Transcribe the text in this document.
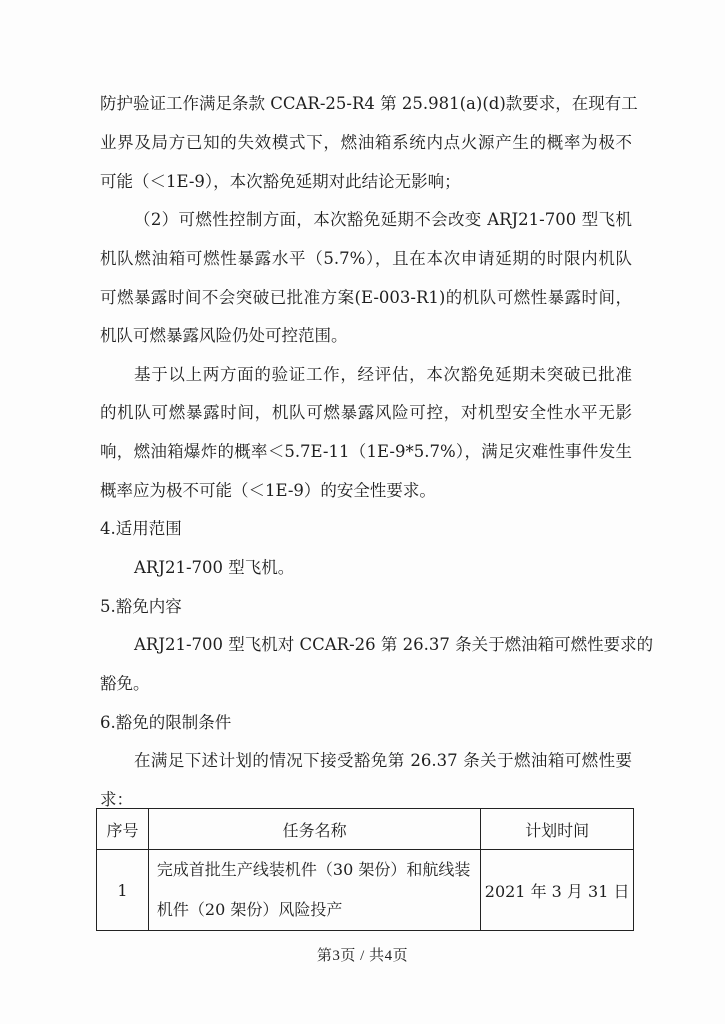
防护验证工作满足条款 CCAR-25-R4 第 25.981(a)(d)款要求，在现有工
业界及局方已知的失效模式下，燃油箱系统内点火源产生的概率为极不
可能（＜1E-9），本次豁免延期对此结论无影响；
（2）可燃性控制方面，本次豁免延期不会改变 ARJ21-700 型飞机
机队燃油箱可燃性暴露水平（5.7%），且在本次申请延期的时限内机队
可燃暴露时间不会突破已批准方案(E-003-R1)的机队可燃性暴露时间，
机队可燃暴露风险仍处可控范围。
基于以上两方面的验证工作，经评估，本次豁免延期未突破已批准
的机队可燃暴露时间，机队可燃暴露风险可控，对机型安全性水平无影
响，燃油箱爆炸的概率＜5.7E-11（1E-9*5.7%），满足灾难性事件发生
概率应为极不可能（＜1E-9）的安全性要求。
4.适用范围
ARJ21-700 型飞机。
5.豁免内容
ARJ21-700 型飞机对 CCAR-26 第 26.37 条关于燃油箱可燃性要求的
豁免。
6.豁免的限制条件
在满足下述计划的情况下接受豁免第 26.37 条关于燃油箱可燃性要
求：
序号	任务名称	计划时间
1	完成首批生产线装机件（30 架份）和航线装
机件（20 架份）风险投产	2021 年 3 月 31 日
第3页 / 共4页
